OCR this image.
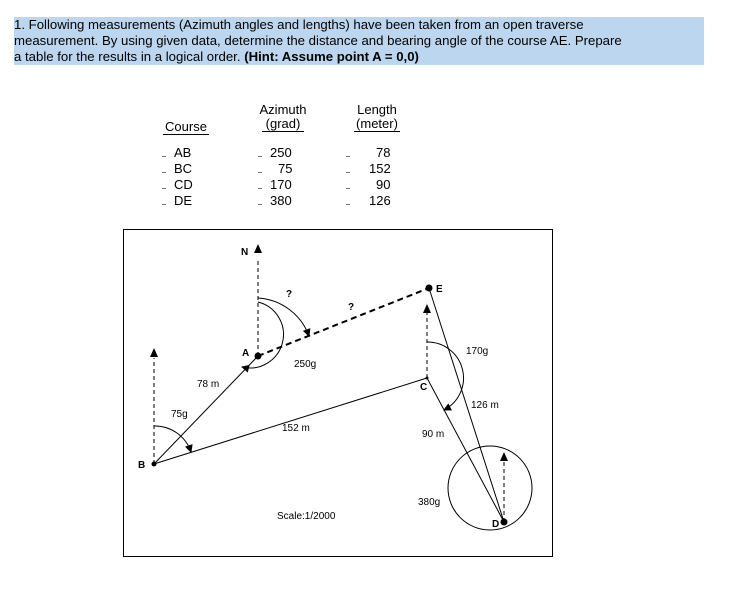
1. Following measurements (Azimuth angles and lengths) have been taken from an open traverse
measurement. By using given data, determine the distance and bearing angle of the course AE. Prepare
a table for the results in a logical order. (Hint: Assume point A = 0,0)
Course
Azimuth
(grad)
Length
(meter)
AB	250	78
BC	75	152
CD	170	90
DE	380	126
N
A
B
C
D
E
?
?
250g
75g
170g
380g
78 m
152 m
90 m
126 m
Scale:1/2000
